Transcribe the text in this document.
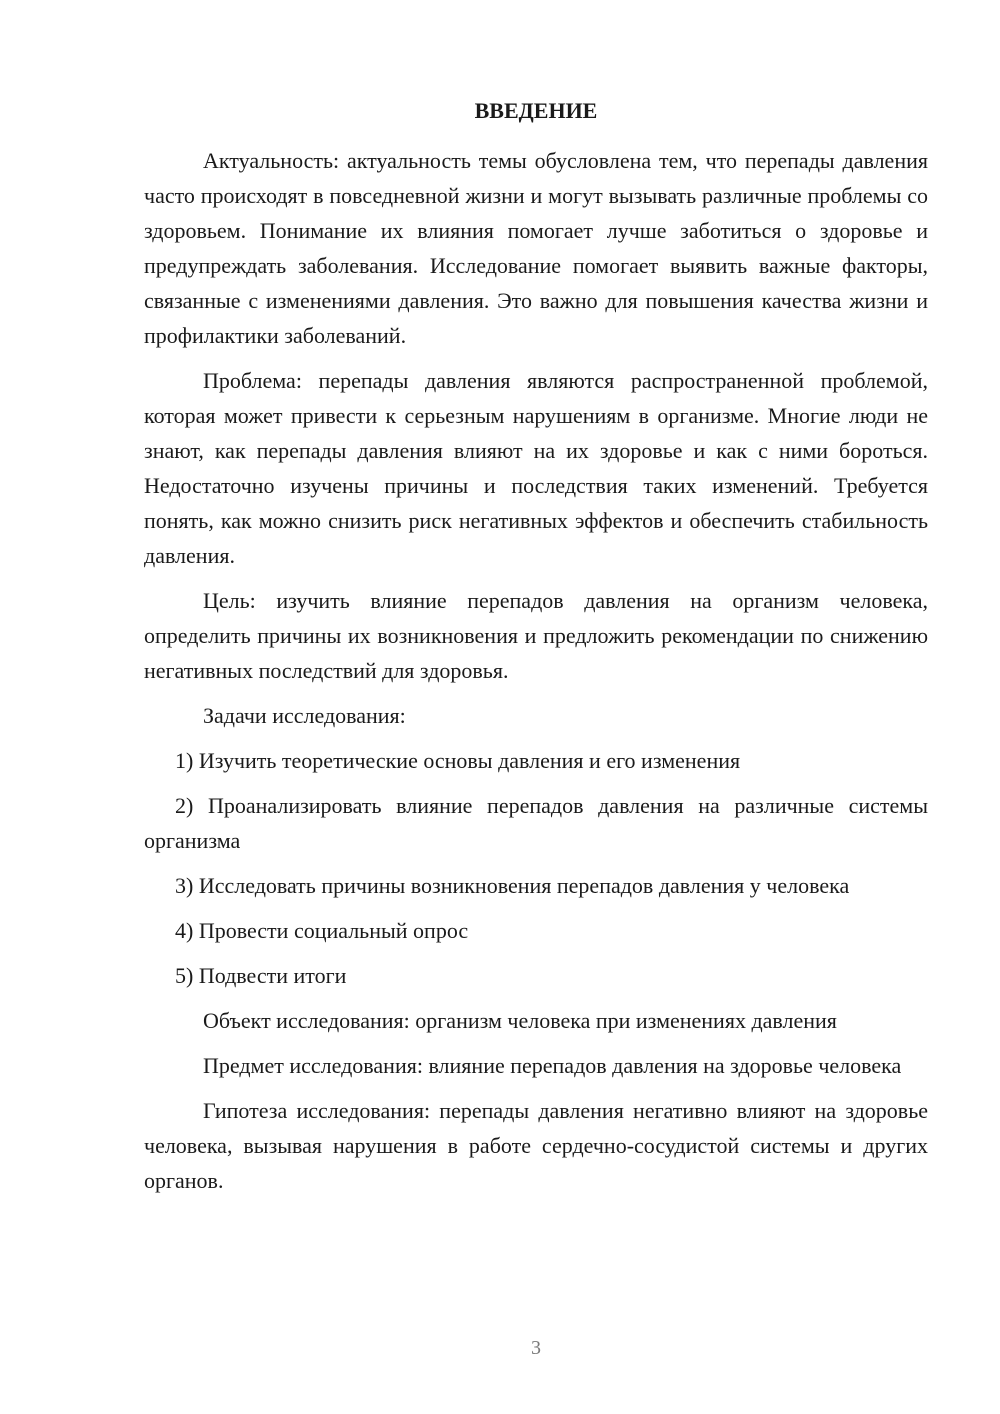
ВВЕДЕНИЕ

Актуальность: актуальность темы обусловлена тем, что перепады давления часто происходят в повседневной жизни и могут вызывать различные проблемы со здоровьем. Понимание их влияния помогает лучше заботиться о здоровье и предупреждать заболевания. Исследование помогает выявить важные факторы, связанные с изменениями давления. Это важно для повышения качества жизни и профилактики заболеваний.

Проблема: перепады давления являются распространенной проблемой, которая может привести к серьезным нарушениям в организме. Многие люди не знают, как перепады давления влияют на их здоровье и как с ними бороться. Недостаточно изучены причины и последствия таких изменений. Требуется понять, как можно снизить риск негативных эффектов и обеспечить стабильность давления.

Цель: изучить влияние перепадов давления на организм человека, определить причины их возникновения и предложить рекомендации по снижению негативных последствий для здоровья.

Задачи исследования:

1) Изучить теоретические основы давления и его изменения

2) Проанализировать влияние перепадов давления на различные системы организма

3) Исследовать причины возникновения перепадов давления у человека

4) Провести социальный опрос

5) Подвести итоги

Объект исследования: организм человека при изменениях давления

Предмет исследования: влияние перепадов давления на здоровье человека

Гипотеза исследования: перепады давления негативно влияют на здоровье человека, вызывая нарушения в работе сердечно-сосудистой системы и других органов.

3
